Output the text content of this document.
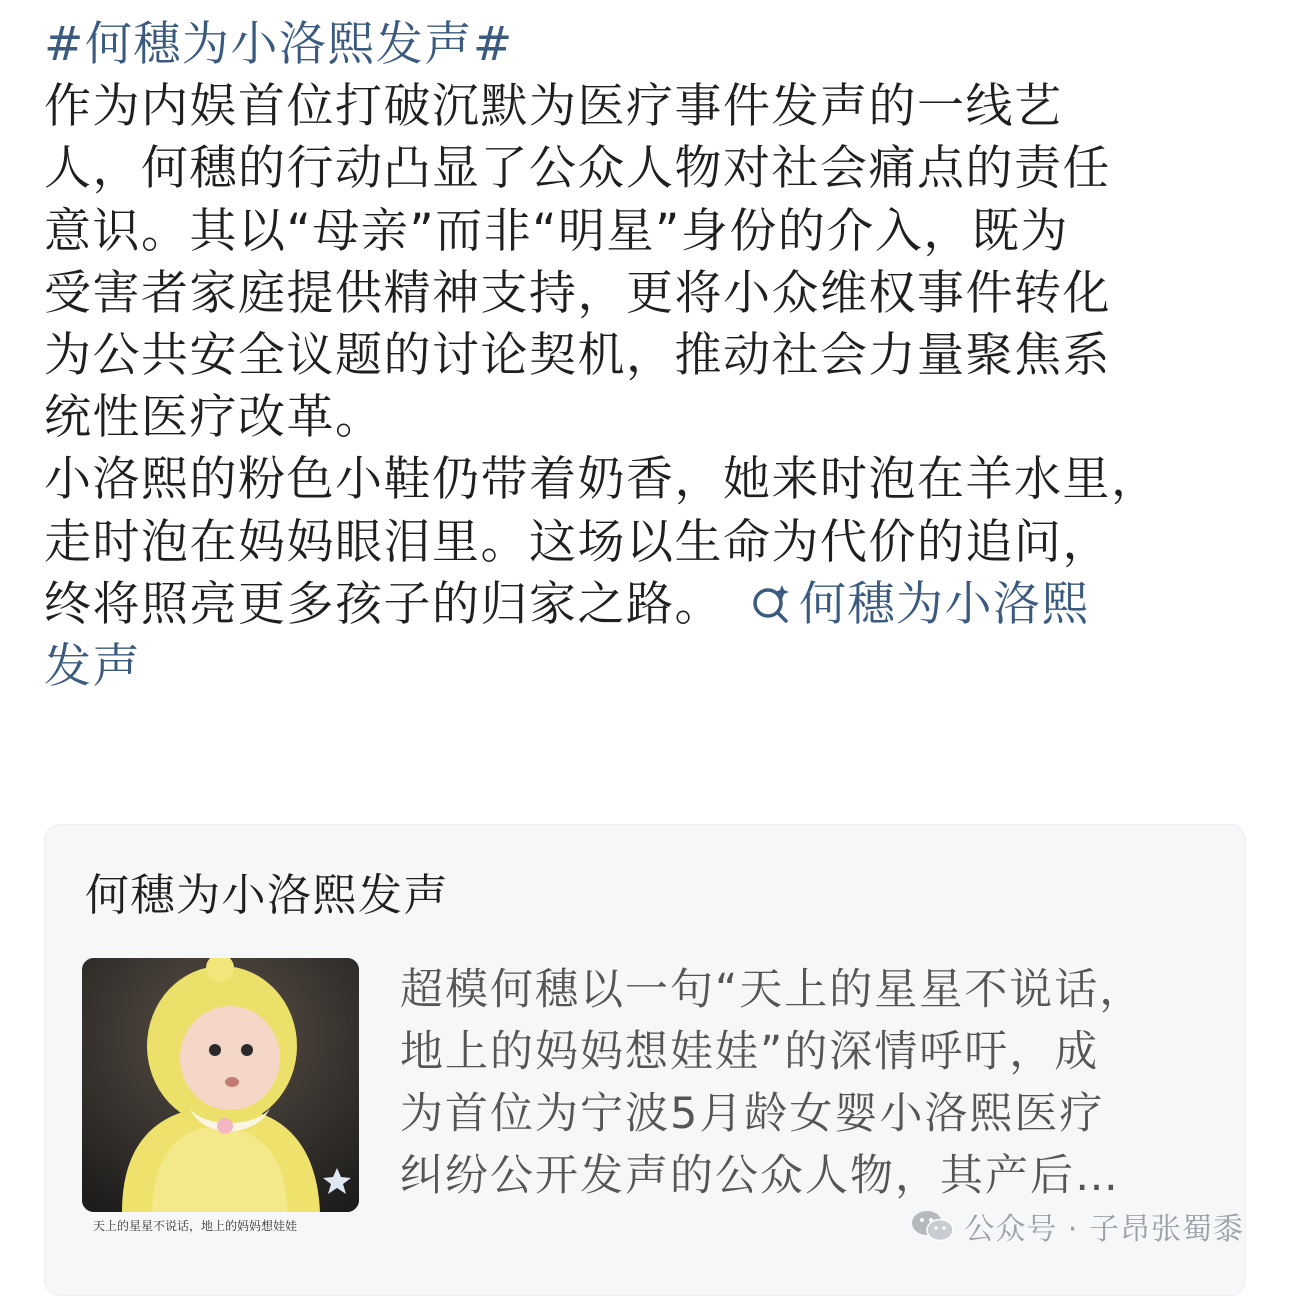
#何穗为小洛熙发声#

作为内娱首位打破沉默为医疗事件发声的一线艺
人，何穗的行动凸显了公众人物对社会痛点的责任
意识。其以“母亲”而非“明星”身份的介入，既为
受害者家庭提供精神支持，更将小众维权事件转化
为公共安全议题的讨论契机，推动社会力量聚焦系
统性医疗改革。

小洛熙的粉色小鞋仍带着奶香，她来时泡在羊水里，
走时泡在妈妈眼泪里。这场以生命为代价的追问，
终将照亮更多孩子的归家之路。 何穗为小洛熙
发声

何穗为小洛熙发声
天上的星星不说话，地上的妈妈想娃娃

超模何穗以一句“天上的星星不说话，

地上的妈妈想娃娃”的深情呼吁，成

为首位为宁波5月龄女婴小洛熙医疗

纠纷公开发声的公众人物，其产后…

公众号 · 子昂张蜀黍
